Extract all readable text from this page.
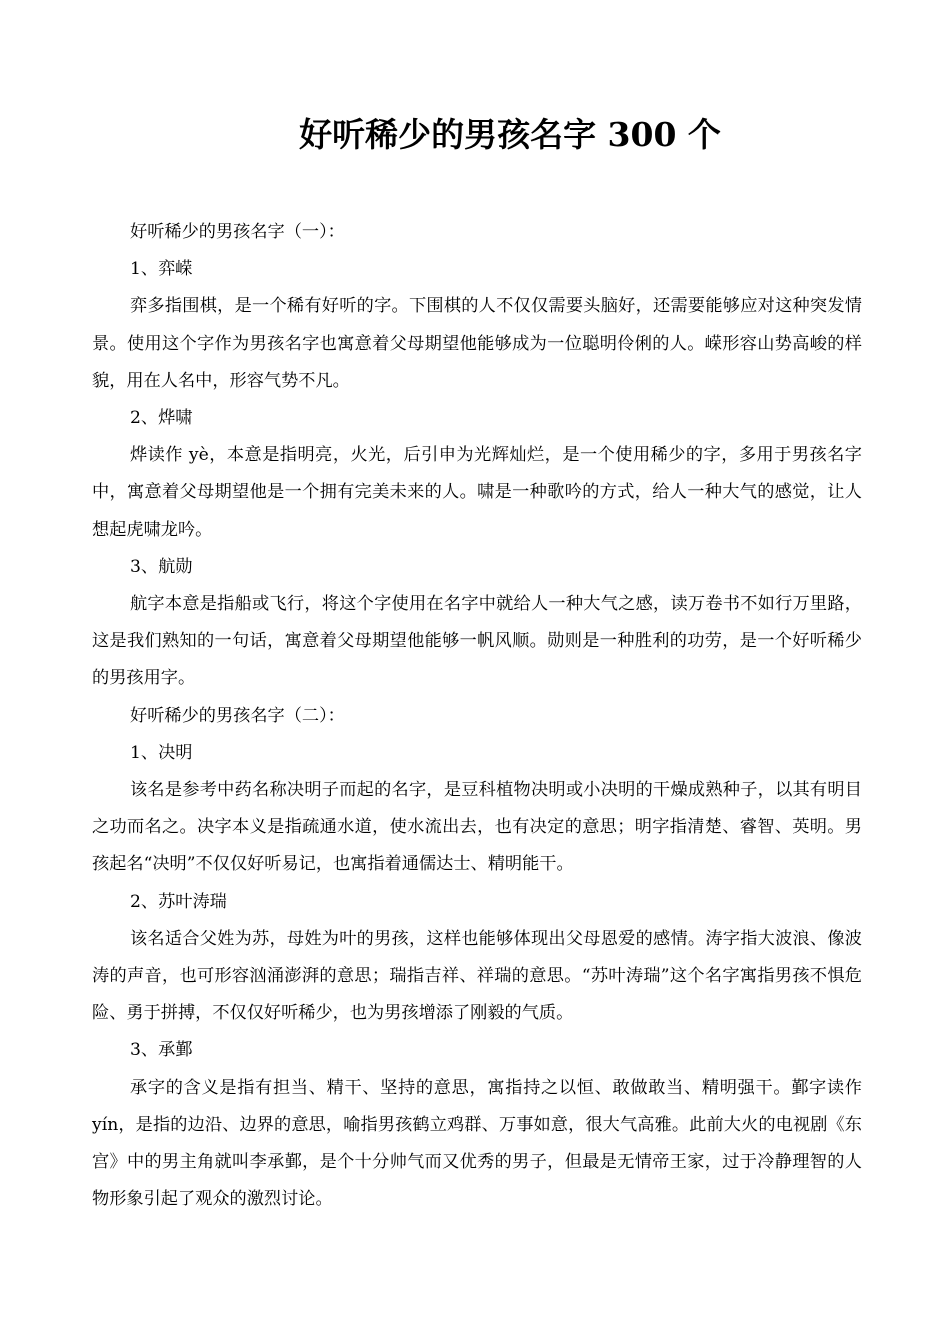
好听稀少的男孩名字 300 个

好听稀少的男孩名字（一）：

1、弈嵘

弈多指围棋，是一个稀有好听的字。下围棋的人不仅仅需要头脑好，还需要能够应对这种突发情景。使用这个字作为男孩名字也寓意着父母期望他能够成为一位聪明伶俐的人。嵘形容山势高峻的样貌，用在人名中，形容气势不凡。

2、烨啸

烨读作 yè，本意是指明亮，火光，后引申为光辉灿烂，是一个使用稀少的字，多用于男孩名字中，寓意着父母期望他是一个拥有完美未来的人。啸是一种歌吟的方式，给人一种大气的感觉，让人想起虎啸龙吟。

3、航勋

航字本意是指船或飞行，将这个字使用在名字中就给人一种大气之感，读万卷书不如行万里路，这是我们熟知的一句话，寓意着父母期望他能够一帆风顺。勋则是一种胜利的功劳，是一个好听稀少的男孩用字。

好听稀少的男孩名字（二）：

1、决明

该名是参考中药名称决明子而起的名字，是豆科植物决明或小决明的干燥成熟种子，以其有明目之功而名之。决字本义是指疏通水道，使水流出去，也有决定的意思；明字指清楚、睿智、英明。男孩起名“决明”不仅仅好听易记，也寓指着通儒达士、精明能干。

2、苏叶涛瑞

该名适合父姓为苏，母姓为叶的男孩，这样也能够体现出父母恩爱的感情。涛字指大波浪、像波涛的声音，也可形容汹涌澎湃的意思；瑞指吉祥、祥瑞的意思。“苏叶涛瑞”这个名字寓指男孩不惧危险、勇于拼搏，不仅仅好听稀少，也为男孩增添了刚毅的气质。

3、承鄞

承字的含义是指有担当、精干、坚持的意思，寓指持之以恒、敢做敢当、精明强干。鄞字读作 yín，是指的边沿、边界的意思，喻指男孩鹤立鸡群、万事如意，很大气高雅。此前大火的电视剧《东宫》中的男主角就叫李承鄞，是个十分帅气而又优秀的男子，但最是无情帝王家，过于冷静理智的人物形象引起了观众的激烈讨论。
